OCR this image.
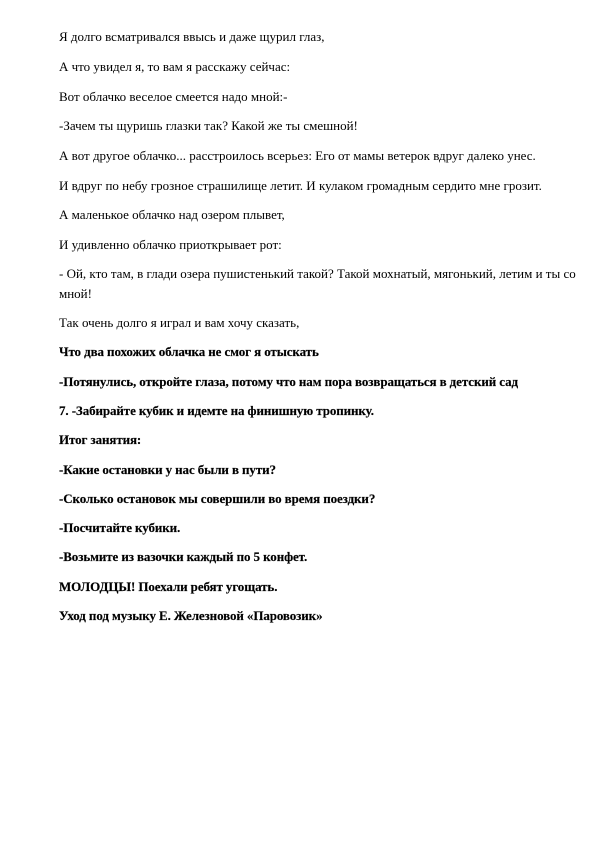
Я долго всматривался ввысь и даже щурил глаз,

А что увидел я, то вам я расскажу сейчас:

Вот облачко веселое смеется надо мной:-

-Зачем ты щуришь глазки так? Какой же ты смешной!

А вот другое облачко... расстроилось всерьез: Его от мамы ветерок вдруг далеко унес.

И вдруг по небу грозное страшилище летит. И кулаком громадным сердито мне грозит.

А маленькое облачко над озером плывет,

И удивленно облачко приоткрывает рот:

- Ой, кто там, в глади озера пушистенький такой? Такой мохнатый, мягонький, летим и ты со мной!

Так очень долго я играл и вам хочу сказать,

Что два похожих облачка не смог я отыскать

-Потянулись, откройте глаза, потому что нам пора возвращаться в детский сад

7. -Забирайте кубик и идемте на финишную тропинку.

Итог занятия:

-Какие остановки у нас были в пути?

-Сколько остановок мы совершили во время поездки?

-Посчитайте кубики.

-Возьмите из вазочки каждый по 5 конфет.

МОЛОДЦЫ! Поехали ребят угощать.

Уход под музыку Е. Железновой «Паровозик»
